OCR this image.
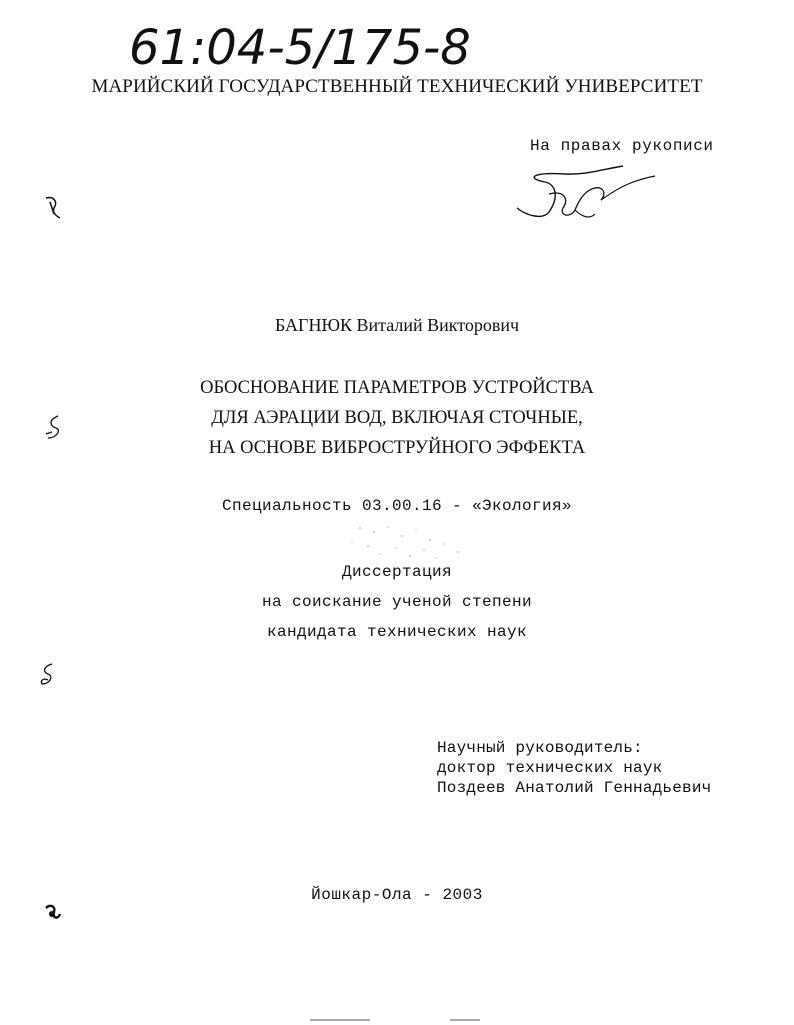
61:04-5/175-8
МАРИЙСКИЙ ГОСУДАРСТВЕННЫЙ ТЕХНИЧЕСКИЙ УНИВЕРСИТЕТ
На правах рукописи
БАГНЮК Виталий Викторович
ОБОСНОВАНИЕ ПАРАМЕТРОВ УСТРОЙСТВА
ДЛЯ АЭРАЦИИ ВОД, ВКЛЮЧАЯ СТОЧНЫЕ,
НА ОСНОВЕ ВИБРОСТРУЙНОГО ЭФФЕКТА
Специальность 03.00.16 - «Экология»
Диссертация
на соискание ученой степени
кандидата технических наук
Научный руководитель:
доктор технических наук
Поздеев Анатолий Геннадьевич
Йошкар-Ола - 2003
